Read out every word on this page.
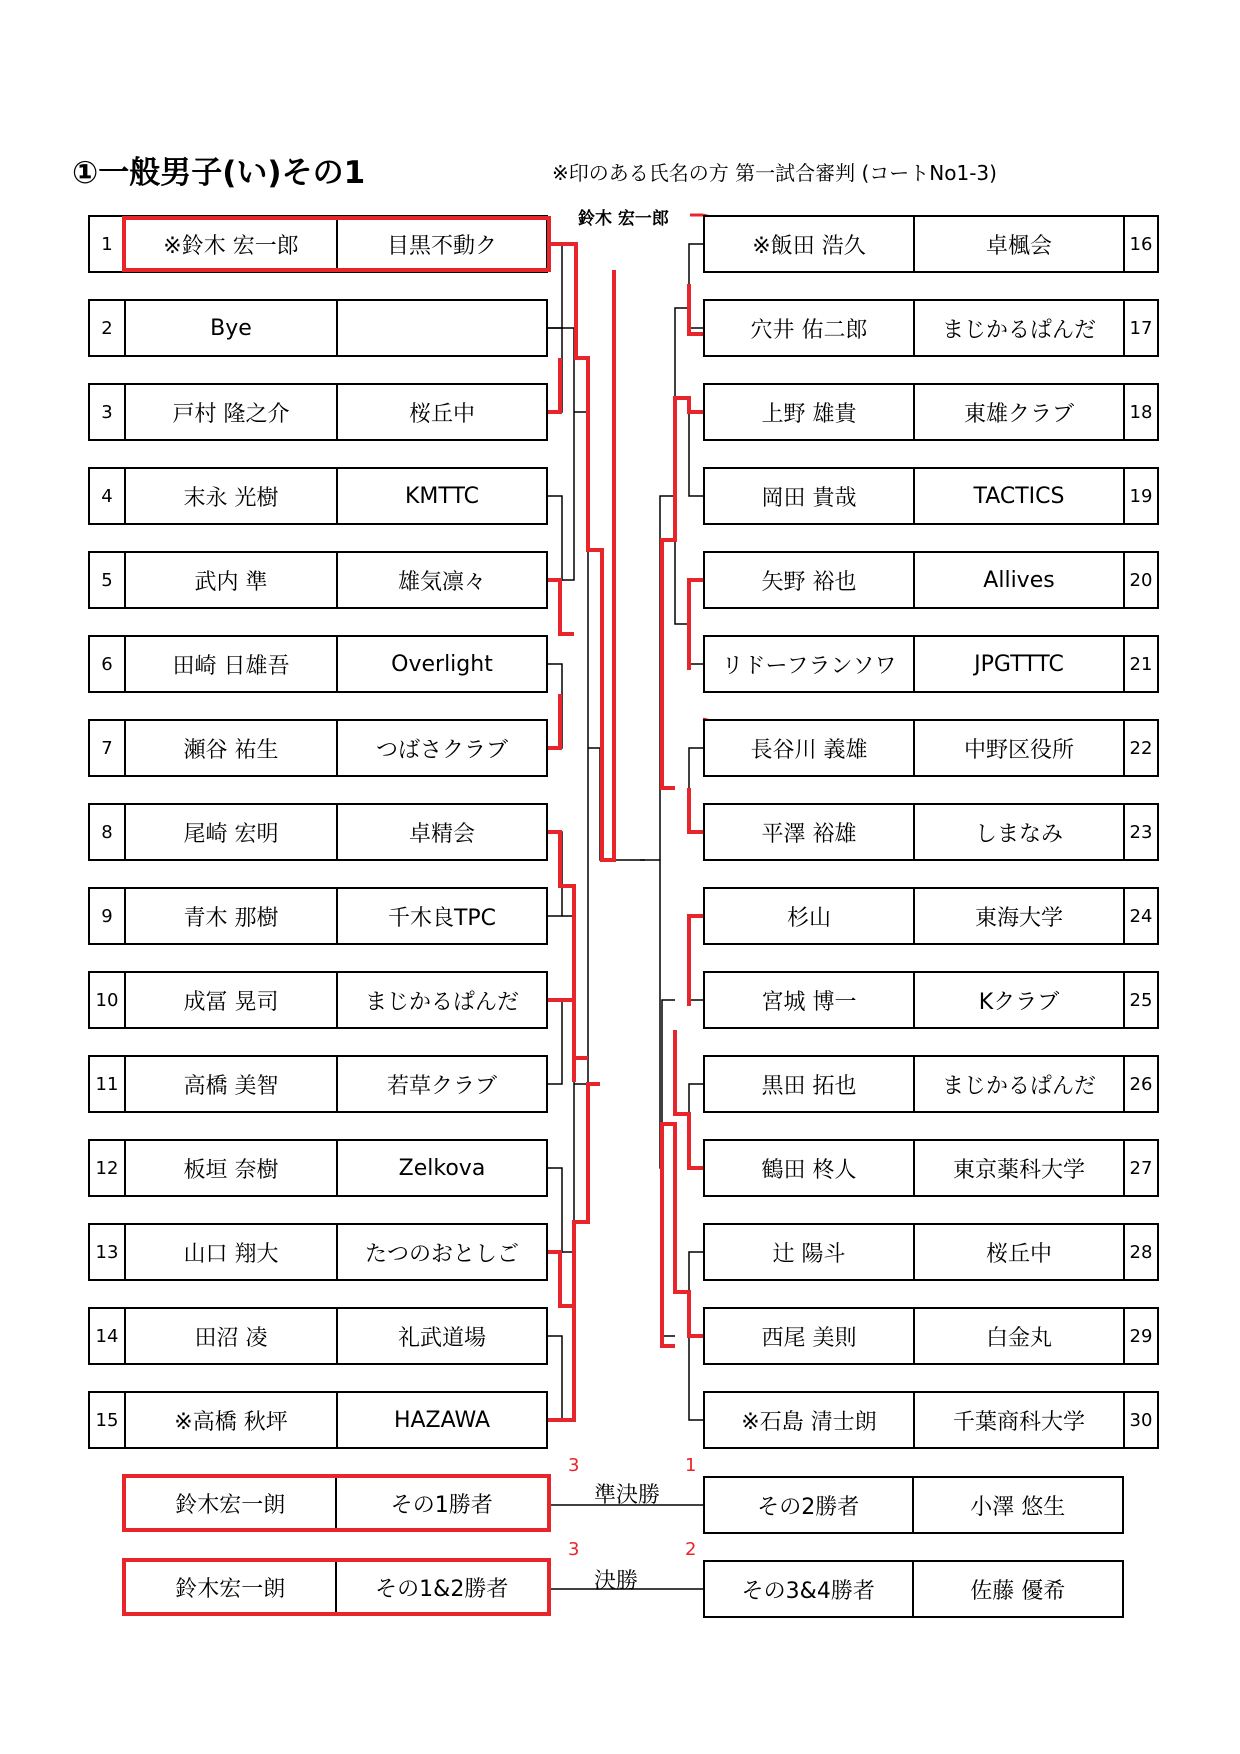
①一般男子(い)その1	※印のある氏名の方 第一試合審判 (コートNo1-3)
鈴木 宏一郎
1	※鈴木 宏一郎	目黒不動ク
2	Bye
3	戸村 隆之介	桜丘中
4	末永 光樹	KMTTC
5	武内 準	雄気凛々
6	田崎 日雄吾	Overlight
7	瀬谷 祐生	つばさクラブ
8	尾崎 宏明	卓精会
9	青木 那樹	千木良TPC
10	成冨 晃司	まじかるぱんだ
11	高橋 美智	若草クラブ
12	板垣 奈樹	Zelkova
13	山口 翔大	たつのおとしご
14	田沼 凌	礼武道場
15	※高橋 秋坪	HAZAWA
※飯田 浩久	卓楓会	16
穴井 佑二郎	まじかるぱんだ	17
上野 雄貴	東雄クラブ	18
岡田 貴哉	TACTICS	19
矢野 裕也	Allives	20
リドーフランソワ	JPGTTTC	21
長谷川 義雄	中野区役所	22
平澤 裕雄	しまなみ	23
杉山	東海大学	24
宮城 博一	Kクラブ	25
黒田 拓也	まじかるぱんだ	26
鶴田 柊人	東京薬科大学	27
辻 陽斗	桜丘中	28
西尾 美則	白金丸	29
※石島 清士朗	千葉商科大学	30
3	1
準決勝
鈴木宏一朗	その1勝者	その2勝者	小澤 悠生
3	2
決勝
鈴木宏一朗	その1&2勝者	その3&4勝者	佐藤 優希
